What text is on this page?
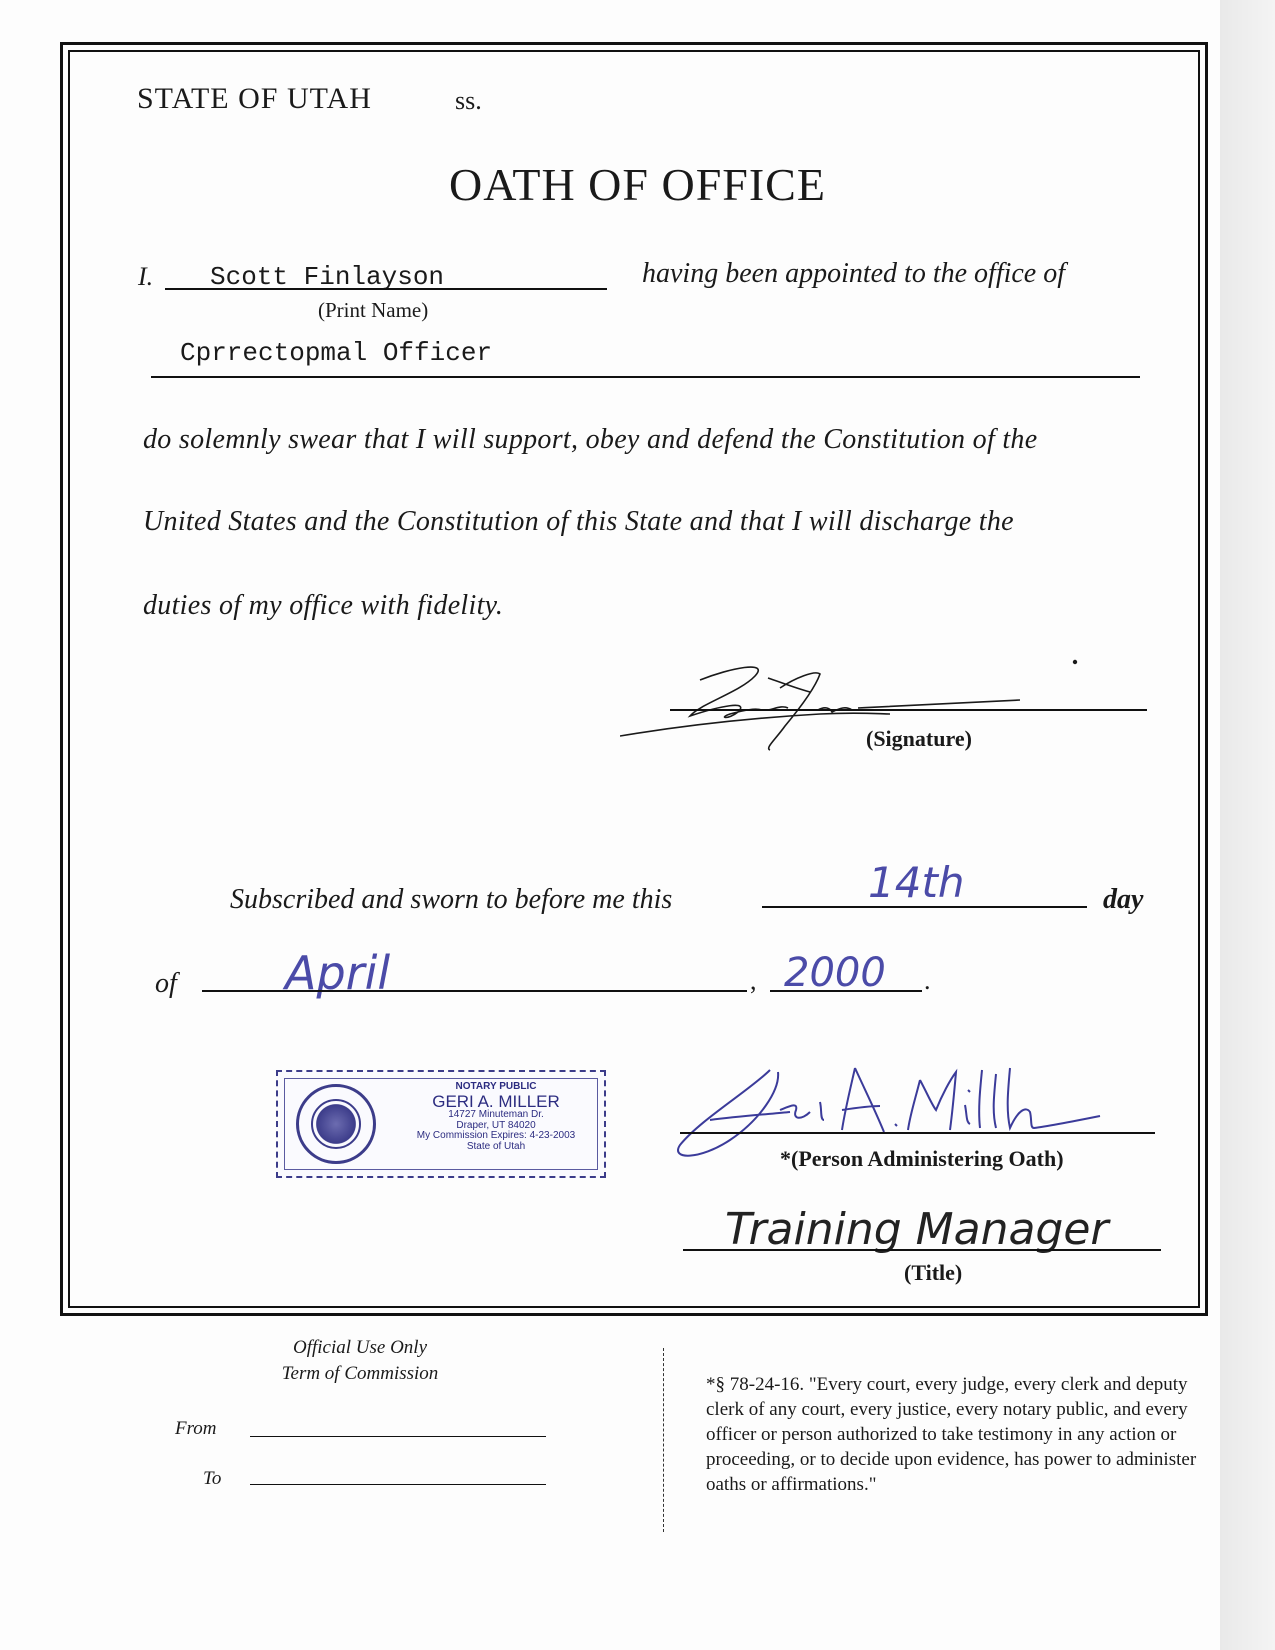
STATE OF UTAH	ss.
OATH OF OFFICE
I. Scott Finlayson
(Print Name)
having been appointed to the office of
Cprrectopmal Officer
do solemnly swear that I will support, obey and defend the Constitution of the
United States and the Constitution of this State and that I will discharge the
duties of my office with fidelity.
(Signature)
Subscribed and sworn to before me this	14th	day
of April	, 2000 .
NOTARY PUBLIC
GERI A. MILLER
14727 Minuteman Dr.
Draper, UT 84020
My Commission Expires: 4-23-2003
State of Utah	*(Person Administering Oath)
Training Manager
(Title)
Official Use Only
Term of Commission
From
To
*§ 78-24-16. "Every court, every judge, every clerk and deputy clerk of any court, every justice, every notary public, and every officer or person authorized to take testimony in any action or proceeding, or to decide upon evidence, has power to administer oaths or affirmations."
